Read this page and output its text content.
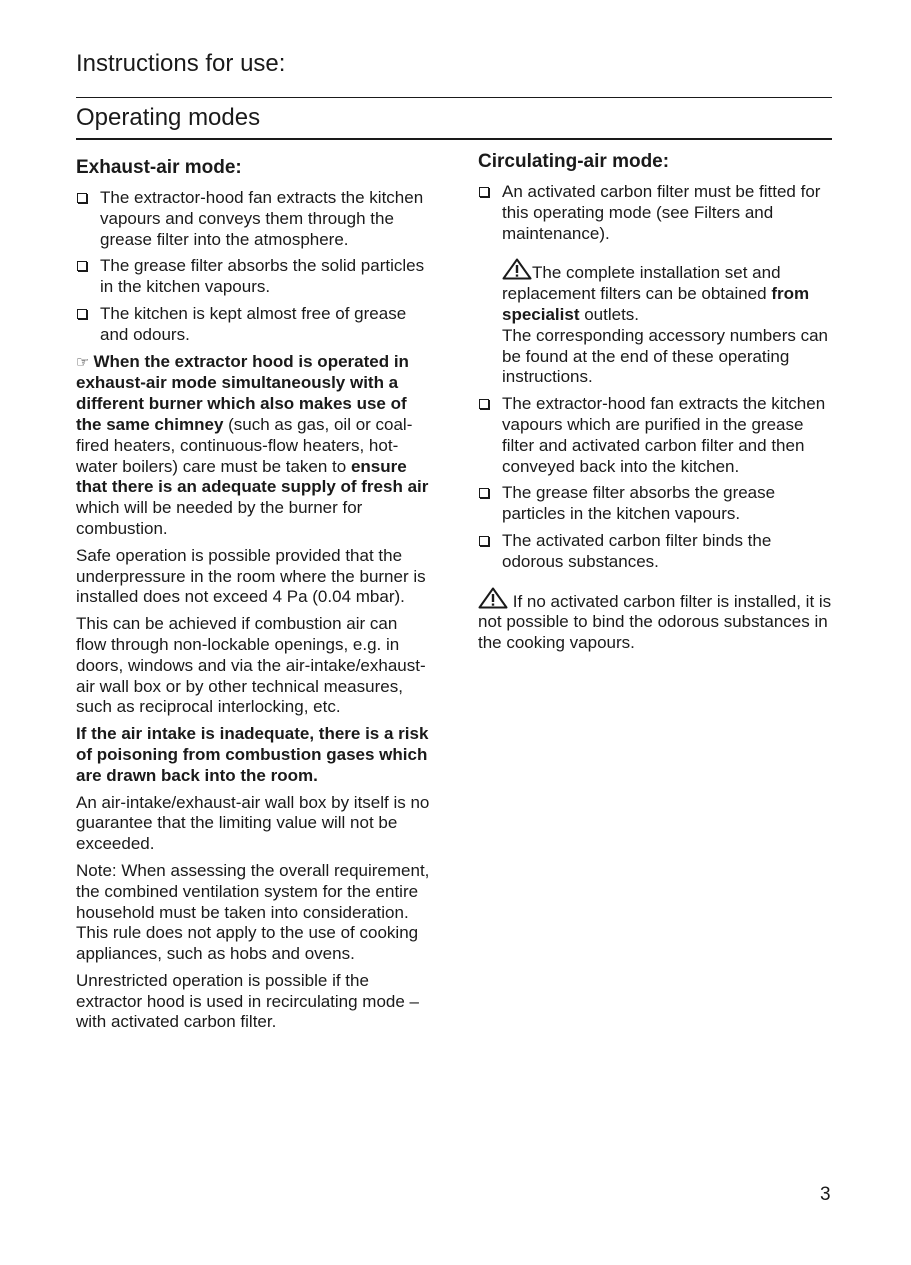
Instructions for use:
Operating modes
Exhaust-air mode:
The extractor-hood fan extracts the kitchen vapours and conveys them through the grease filter into the atmosphere.
The grease filter absorbs the solid particles in the kitchen vapours.
The kitchen is kept almost free of grease and odours.

☞ When the extractor hood is operated in exhaust-air mode simultaneously with a different burner which also makes use of the same chimney (such as gas, oil or coal-fired heaters, continuous-flow heaters, hot-water boilers) care must be taken to ensure that there is an adequate supply of fresh air which will be needed by the burner for combustion.

Safe operation is possible provided that the underpressure in the room where the burner is installed does not exceed 4 Pa (0.04 mbar).

This can be achieved if combustion air can flow through non-lockable openings, e.g. in doors, windows and via the air-intake/exhaust-air wall box or by other technical measures, such as reciprocal interlocking, etc.

If the air intake is inadequate, there is a risk of poisoning from combustion gases which are drawn back into the room.

An air-intake/exhaust-air wall box by itself is no guarantee that the limiting value will not be exceeded.

Note: When assessing the overall requirement, the combined ventilation system for the entire household must be taken into consideration. This rule does not apply to the use of cooking appliances, such as hobs and ovens.

Unrestricted operation is possible if the extractor hood is used in recirculating mode – with activated carbon filter.

Circulating-air mode:
An activated carbon filter must be fitted for this operating mode (see Filters and maintenance).
The complete installation set and replacement filters can be obtained from specialist outlets.
The corresponding accessory numbers can be found at the end of these operating instructions.
The extractor-hood fan extracts the kitchen vapours which are purified in the grease filter and activated carbon filter and then conveyed back into the kitchen.
The grease filter absorbs the grease particles in the kitchen vapours.
The activated carbon filter binds the odorous substances.

If no activated carbon filter is installed, it is not possible to bind the odorous substances in the cooking vapours.

3
